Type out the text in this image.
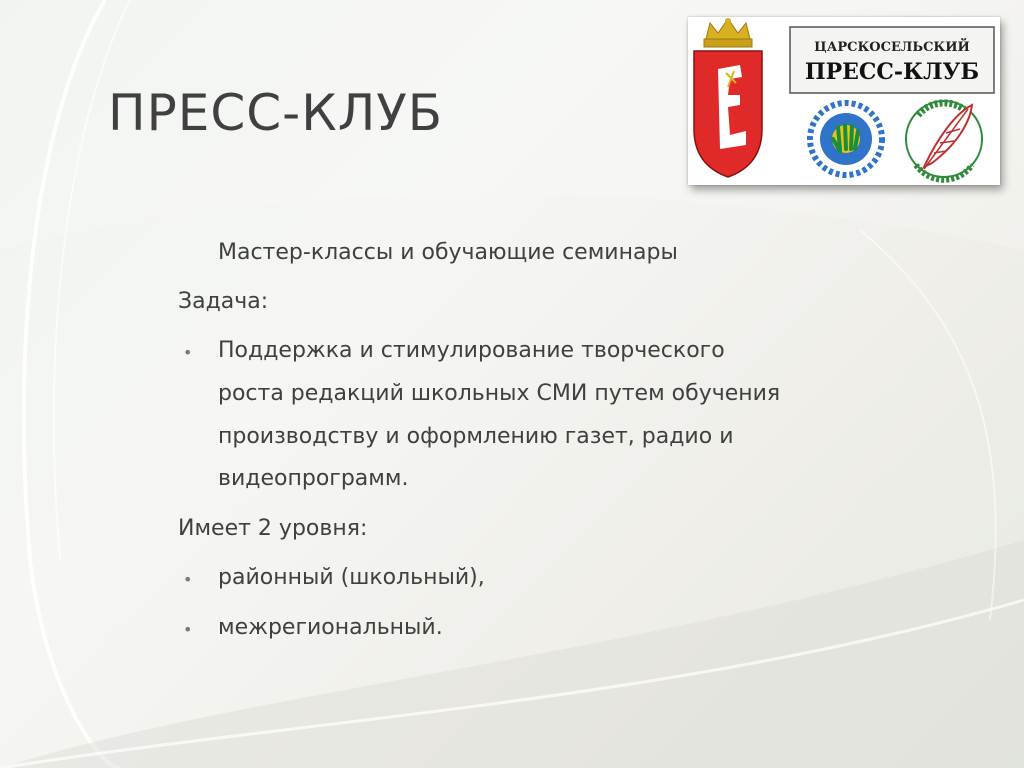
ПРЕСС-КЛУБ
ЦАРСКОСЕЛЬСКИЙ
ПРЕСС-КЛУБ
Мастер-классы и обучающие семинары
Задача:
• Поддержка и стимулирование творческого
роста редакций школьных СМИ путем обучения
производству и оформлению газет, радио и
видеопрограмм.
Имеет 2 уровня:
• районный (школьный),
• межрегиональный.
